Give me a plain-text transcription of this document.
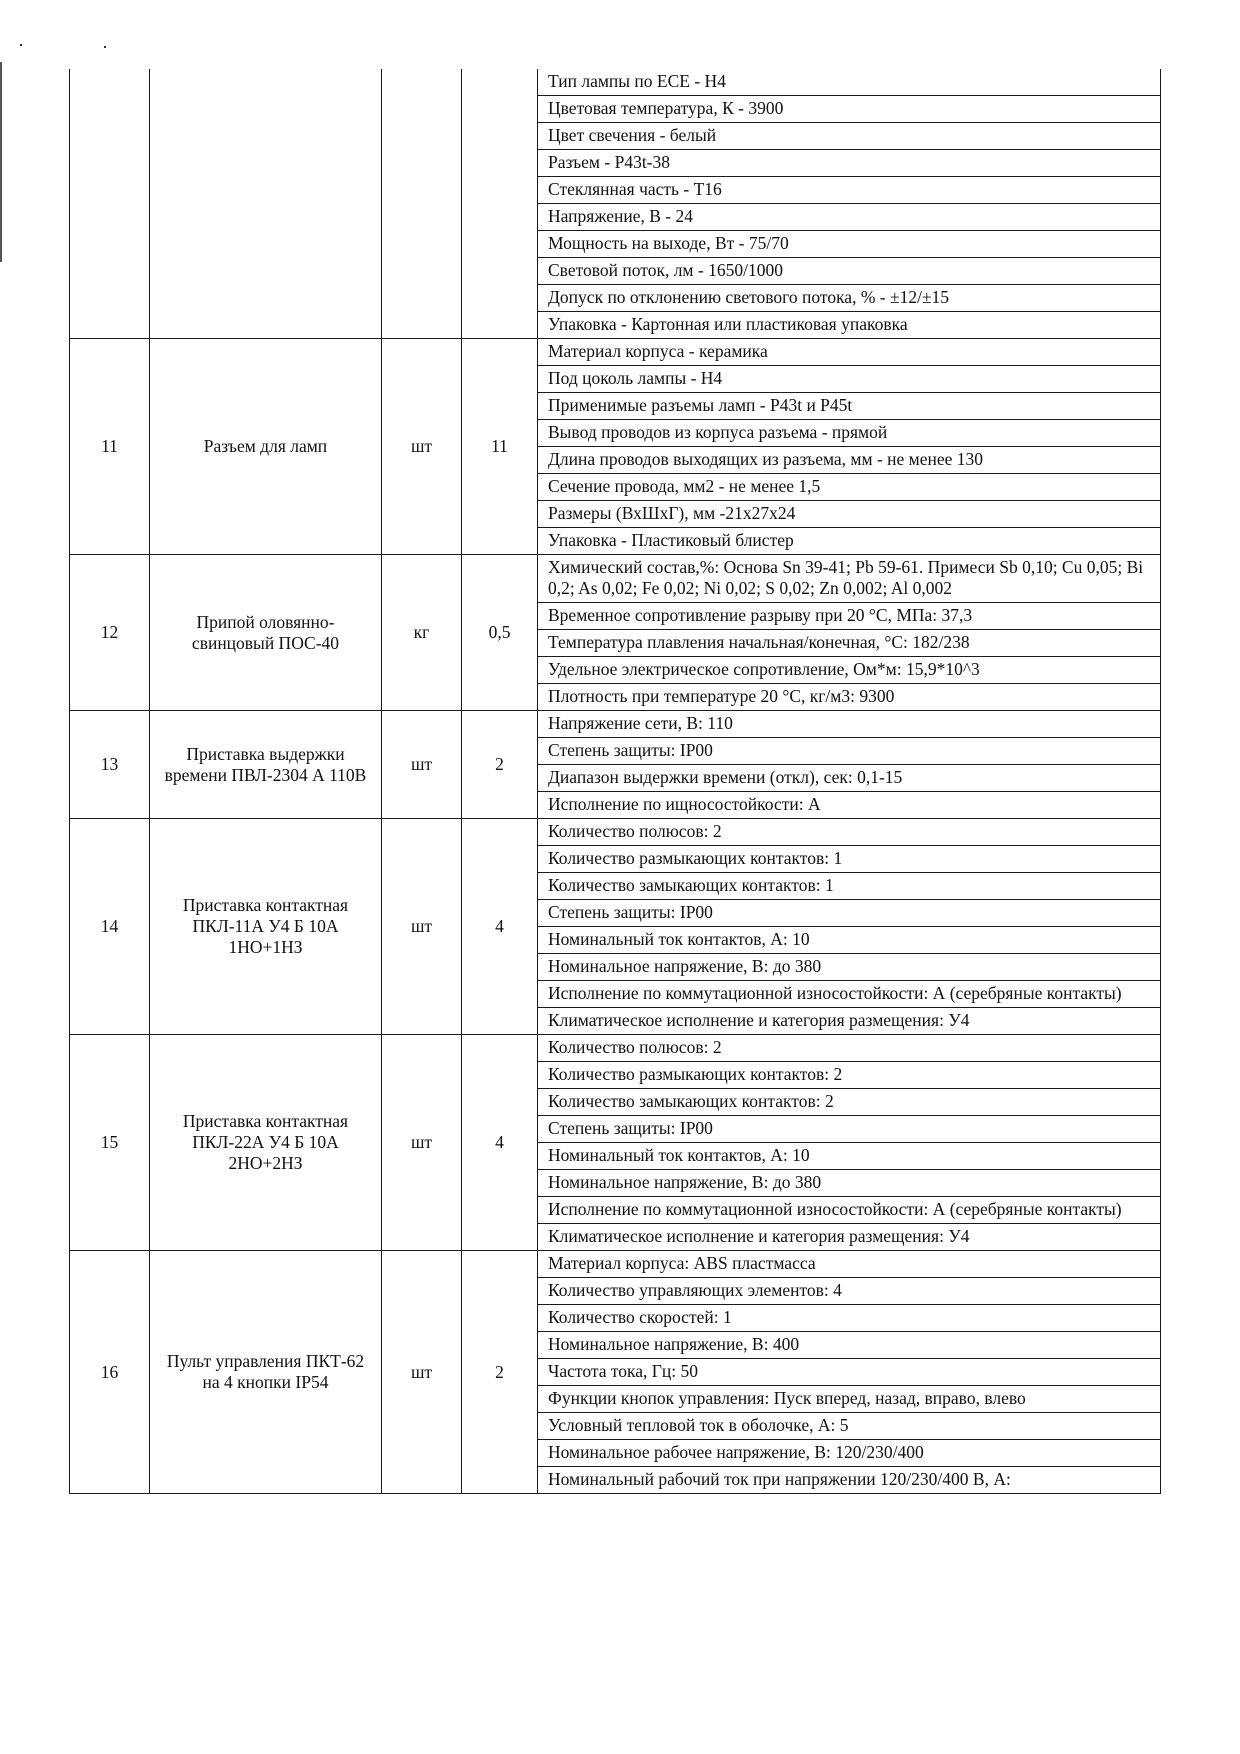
				Тип лампы по ЕСЕ - Н4
				Цветовая температура, К - 3900
				Цвет свечения - белый
				Разъем - Р43t-38
				Стеклянная часть - Т16
				Напряжение, В - 24
				Мощность на выходе, Вт - 75/70
				Световой поток, лм - 1650/1000
				Допуск по отклонению светового потока, % - ±12/±15
				Упаковка - Картонная или пластиковая упаковка
11	Разъем для ламп	шт	11	Материал корпуса - керамика
				Под цоколь лампы - Н4
				Применимые разъемы ламп - Р43t и Р45t
				Вывод проводов из корпуса разъема - прямой
				Длина проводов выходящих из разъема, мм - не менее 130
				Сечение провода, мм2 - не менее 1,5
				Размеры (ВхШхГ), мм -21х27х24
				Упаковка - Пластиковый блистер
12	Припой оловянно-свинцовый ПОС-40	кг	0,5	Химический состав,%: Основа Sn 39-41; Pb 59-61. Примеси Sb 0,10; Cu 0,05; Bi 0,2; As 0,02; Fe 0,02; Ni 0,02; S 0,02; Zn 0,002; Al 0,002
				Временное сопротивление разрыву при 20 °С, МПа: 37,3
				Температура плавления начальная/конечная, °С: 182/238
				Удельное электрическое сопротивление, Ом*м: 15,9*10^3
				Плотность при температуре 20 °С, кг/м3: 9300
13	Приставка выдержки времени ПВЛ-2304 А 110В	шт	2	Напряжение сети, В: 110
				Степень защиты: IP00
				Диапазон выдержки времени (откл), сек: 0,1-15
				Исполнение по ищносостойкости: А
14	Приставка контактная ПКЛ-11А У4 Б 10А 1НО+1НЗ	шт	4	Количество полюсов: 2
				Количество размыкающих контактов: 1
				Количество замыкающих контактов: 1
				Степень защиты: IP00
				Номинальный ток контактов, А: 10
				Номинальное напряжение, В: до 380
				Исполнение по коммутационной износостойкости: А (серебряные контакты)
				Климатическое исполнение и категория размещения: У4
15	Приставка контактная ПКЛ-22А У4 Б 10А 2НО+2НЗ	шт	4	Количество полюсов: 2
				Количество размыкающих контактов: 2
				Количество замыкающих контактов: 2
				Степень защиты: IP00
				Номинальный ток контактов, А: 10
				Номинальное напряжение, В: до 380
				Исполнение по коммутационной износостойкости: А (серебряные контакты)
				Климатическое исполнение и категория размещения: У4
16	Пульт управления ПКТ-62 на 4 кнопки IP54	шт	2	Материал корпуса: ABS пластмасса
				Количество управляющих элементов: 4
				Количество скоростей: 1
				Номинальное напряжение, В: 400
				Частота тока, Гц: 50
				Функции кнопок управления: Пуск вперед, назад, вправо, влево
				Условный тепловой ток в оболочке, А: 5
				Номинальное рабочее напряжение, В: 120/230/400
				Номинальный рабочий ток при напряжении 120/230/400 В, А:
